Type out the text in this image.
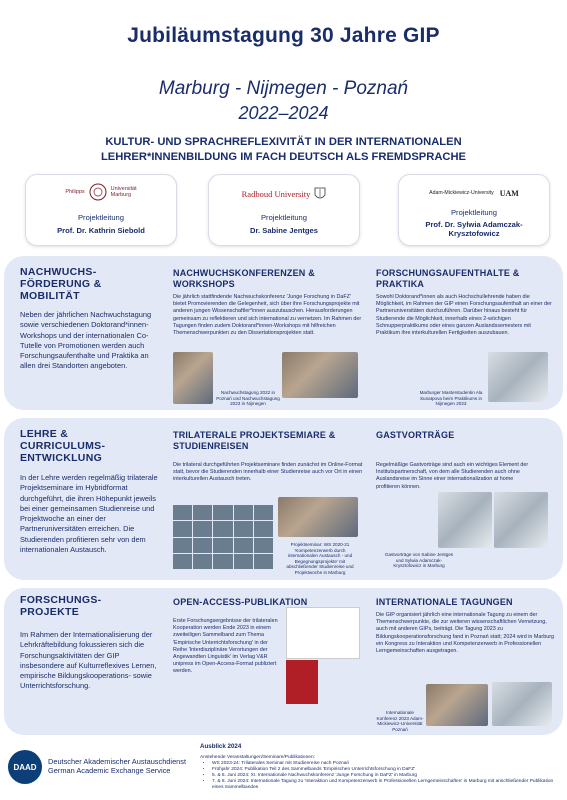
Jubiläumstagung 30 Jahre GIP
Marburg - Nijmegen - Poznań
2022–2024
KULTUR- UND SPRACHREFLEXIVITÄT IN DER INTERNATIONALEN
LEHRER*INNENBILDUNG IM FACH DEUTSCH ALS FREMDSPRACHE
Philipps	Universität
Marburg
Projektleitung
Prof. Dr. Kathrin Siebold
Radboud University
Projektleitung
Dr. Sabine Jentges
Adam-Mickiewicz-University UAM
Projektleitung
Prof. Dr. Sylwia Adamczak-Krysztofowicz
NACHWUCHS-FÖRDERUNG & MOBILITÄT
Neben der jährlichen Nachwuchstagung sowie verschiedenen Doktorand*innen-Workshops und der internationalen Co-Tutelle von Promotionen werden auch Forschungsaufenthalte und Praktika an allen drei Standorten angeboten.
NACHWUCHSKONFERENZEN & WORKSHOPS
Die jährlich stattfindende Nachwuchskonferenz 'Junge Forschung in DaFZ' bietet Promovierenden die Gelegenheit, sich über ihre Forschungsprojekte mit anderen jungen Wissenschaftler*innen auszutauschen. Herausforderungen gemeinsam zu reflektieren und sich international zu vernetzen. Im Rahmen der Tagungen finden zudem Doktorand*innen-Workshops mit hilfreichen Themenschwerpunkten zu den Dissertationsprojekten statt.
Nachwuchstagung 2022 in Poznań und Nachwuchstagung 2023 in Nijmegen
FORSCHUNGSAUFENTHALTE & PRAKTIKA
Sowohl Doktorand*innen als auch Hochschullehrende haben die Möglichkeit, im Rahmen der GIP einen Forschungsaufenthalt an einer der Partneruniversitäten durchzuführen. Darüber hinaus besteht für Studierende die Möglichkeit, innerhalb eines 2-wöchigen Schnupperpraktikums oder eines ganzen Auslandssemesters mit Praktikum ihre interkulturellen Fertigkeiten auszubauen.
Marburger Masterstudentin Ala Sunatpova beim Praktikums in Nijmegen 2023
LEHRE & CURRICULUMS-ENTWICKLUNG
In der Lehre werden regelmäßig trilaterale Projektseminare im Hybridformat durchgeführt, die ihren Höhepunkt jeweils bei einer gemeinsamen Studienreise und Projektwoche an einer der Partneruniversitäten erreichen. Die Studierenden profitieren sehr von dem internationalen Austausch.
TRILATERALE PROJEKTSEMIARE & STUDIENREISEN
Die trilateral durchgeführten Projektseminare finden zunächst im Online-Format statt, bevor die Studierenden innerhalb einer Studienreise auch vor Ort in einen interkulturellen Austausch treten.
Projektseminar: WS 2020-21 'Kompetenzerwerb durch internationalen Austausch - und Begegnungsprojekte' mit abschließender Studienreise und Projektwoche in Marburg
GASTVORTRÄGE
Regelmäßige Gastvorträge sind auch ein wichtiges Element der Institutspartnerschaft, von dem alle Studierenden auch ohne Auslandsreise im Sinne einer internationalization at home profitieren können.
Gastvorträge von Sabine Jentges und Sylwia Adamczak-Krysztofowicz in Marburg
FORSCHUNGS-PROJEKTE
Im Rahmen der Internationalisierung der Lehrkräftebildung fokussieren sich die Forschungsaktivitäten der GIP insbesondere auf Kulturreflexives Lernen, empirische Bildungskooperations- sowie Unterrichtsforschung.
OPEN-ACCESS-PUBLIKATION
Erste Forschungsergebnisse der trilateralen Kooperation werden Ende 2023 in einem zweiteiligen Sammelband zum Thema 'Empirische Unterrichtsforschung' in der Reihe 'Interdisziplinäre Verortungen der Angewandten Linguistik' im Verlag V&R unipress im Open-Access-Format publiziert werden.
INTERNATIONALE TAGUNGEN
Die GIP organisiert jährlich eine internationale Tagung zu einem der Themenschwerpunkte, die zur weiteren wissenschaftlichen Vernetzung, auch mit anderen GIPs, beiträgt. Die Tagung 2023 zu Bildungskooperationsforschung fand in Poznań statt; 2024 wird in Marburg ein Kongress zu Interaktion und Kompetenzerwerb in Professionellen Lerngemeinschaften ausgetragen.
Internationale Konferenz 2023 Adam-Mickiewicz-Universität Poznań
DAAD
Deutscher Akademischer Austauschdienst
German Academic Exchange Service
Ausblick 2024
Anstehende Veranstaltungen/Seminare/Publikationen:
• WS 2023-24: Trilaterales Seminar mit Studienreise nach Poznań
• Frühjahr 2024: Publikation Teil 2 des Sammelbands 'Empirischen Unterrichtsforschung in DaFZ'
• 5. & 6. Juni 2024: XI. Internationale Nachwuchskonferenz 'Junge Forschung in DaFZ' in Marburg
• 7. & 8. Juni 2024: Internationale Tagung zu 'Interaktion und Kompetenzerwerb in Professionellen Lerngemeinschaften' in Marburg mit anschließender Publikation eines Sammelbandes
